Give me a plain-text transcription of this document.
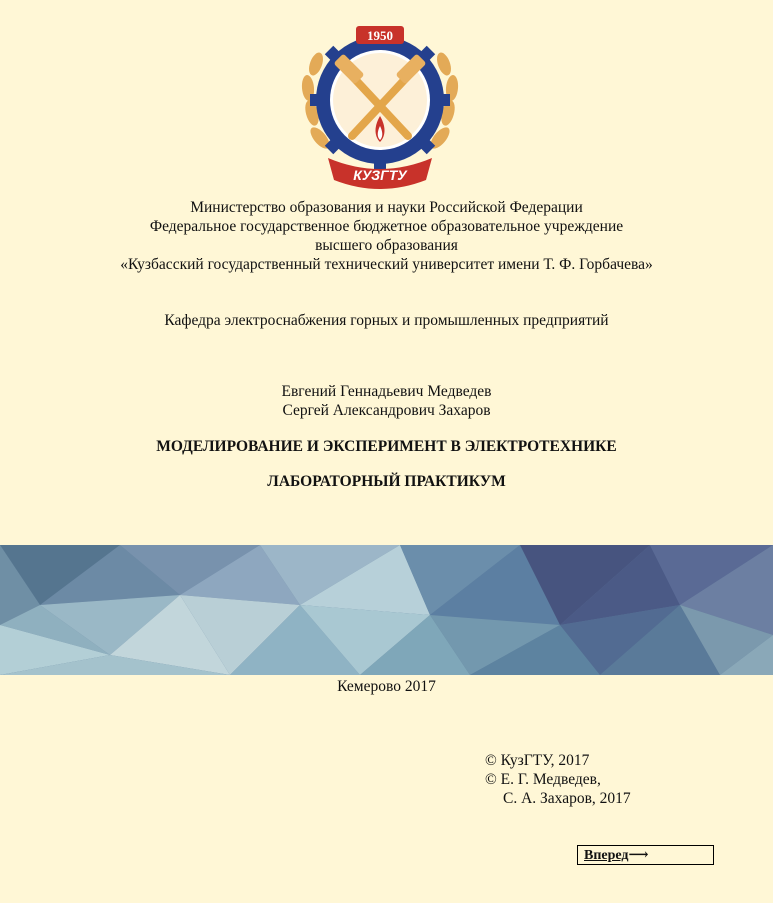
1950
КУЗГТУ
Министерство образования и науки Российской Федерации
Федеральное государственное бюджетное образовательное учреждение
высшего образования
«Кузбасский государственный технический университет имени Т. Ф. Горбачева»
Кафедра электроснабжения горных и промышленных предприятий
Евгений Геннадьевич Медведев
Сергей Александрович Захаров
МОДЕЛИРОВАНИЕ И ЭКСПЕРИМЕНТ В ЭЛЕКТРОТЕХНИКЕ
ЛАБОРАТОРНЫЙ ПРАКТИКУМ
Кемерово 2017
© КузГТУ, 2017
© Е. Г. Медведев,
С. А. Захаров, 2017
Вперед⟶
